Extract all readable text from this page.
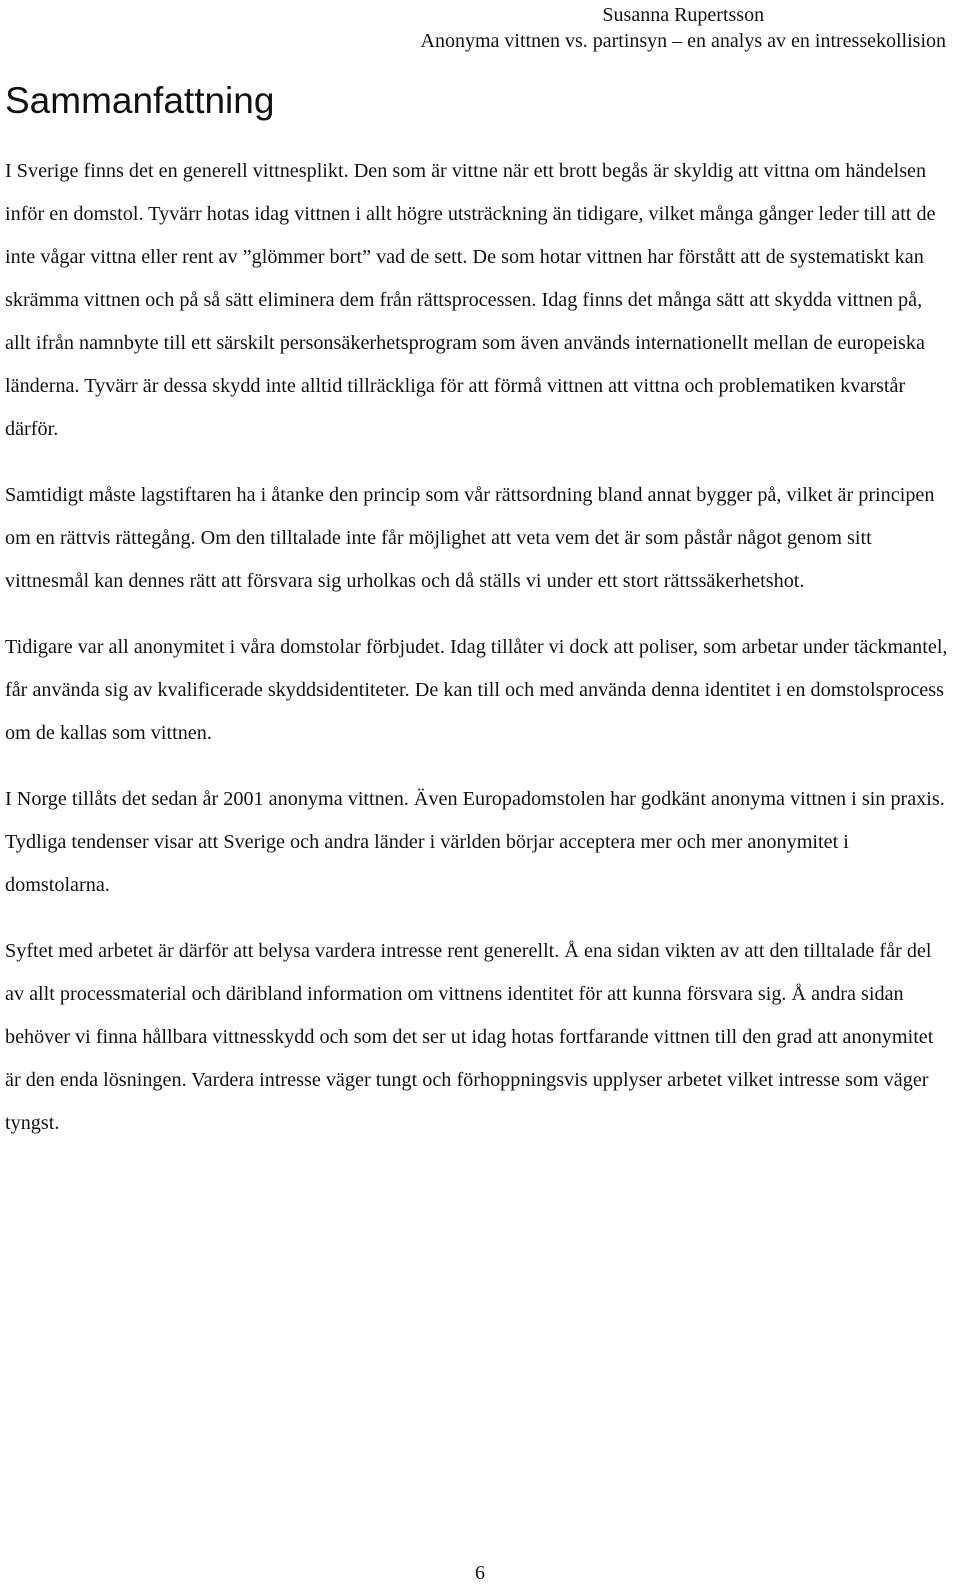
Susanna Rupertsson
Anonyma vittnen vs. partinsyn – en analys av en intressekollision
Sammanfattning

I Sverige finns det en generell vittnesplikt. Den som är vittne när ett brott begås är skyldig att vittna om händelsen inför en domstol. Tyvärr hotas idag vittnen i allt högre utsträckning än tidigare, vilket många gånger leder till att de inte vågar vittna eller rent av ”glömmer bort” vad de sett. De som hotar vittnen har förstått att de systematiskt kan skrämma vittnen och på så sätt eliminera dem från rättsprocessen. Idag finns det många sätt att skydda vittnen på, allt ifrån namnbyte till ett särskilt personsäkerhetsprogram som även används internationellt mellan de europeiska länderna. Tyvärr är dessa skydd inte alltid tillräckliga för att förmå vittnen att vittna och problematiken kvarstår därför.

Samtidigt måste lagstiftaren ha i åtanke den princip som vår rättsordning bland annat bygger på, vilket är principen om en rättvis rättegång. Om den tilltalade inte får möjlighet att veta vem det är som påstår något genom sitt vittnesmål kan dennes rätt att försvara sig urholkas och då ställs vi under ett stort rättssäkerhetshot.

Tidigare var all anonymitet i våra domstolar förbjudet. Idag tillåter vi dock att poliser, som arbetar under täckmantel, får använda sig av kvalificerade skyddsidentiteter. De kan till och med använda denna identitet i en domstolsprocess om de kallas som vittnen.

I Norge tillåts det sedan år 2001 anonyma vittnen. Även Europadomstolen har godkänt anonyma vittnen i sin praxis. Tydliga tendenser visar att Sverige och andra länder i världen börjar acceptera mer och mer anonymitet i domstolarna.

Syftet med arbetet är därför att belysa vardera intresse rent generellt. Å ena sidan vikten av att den tilltalade får del av allt processmaterial och däribland information om vittnens identitet för att kunna försvara sig. Å andra sidan behöver vi finna hållbara vittnesskydd och som det ser ut idag hotas fortfarande vittnen till den grad att anonymitet är den enda lösningen. Vardera intresse väger tungt och förhoppningsvis upplyser arbetet vilket intresse som väger tyngst.

6
